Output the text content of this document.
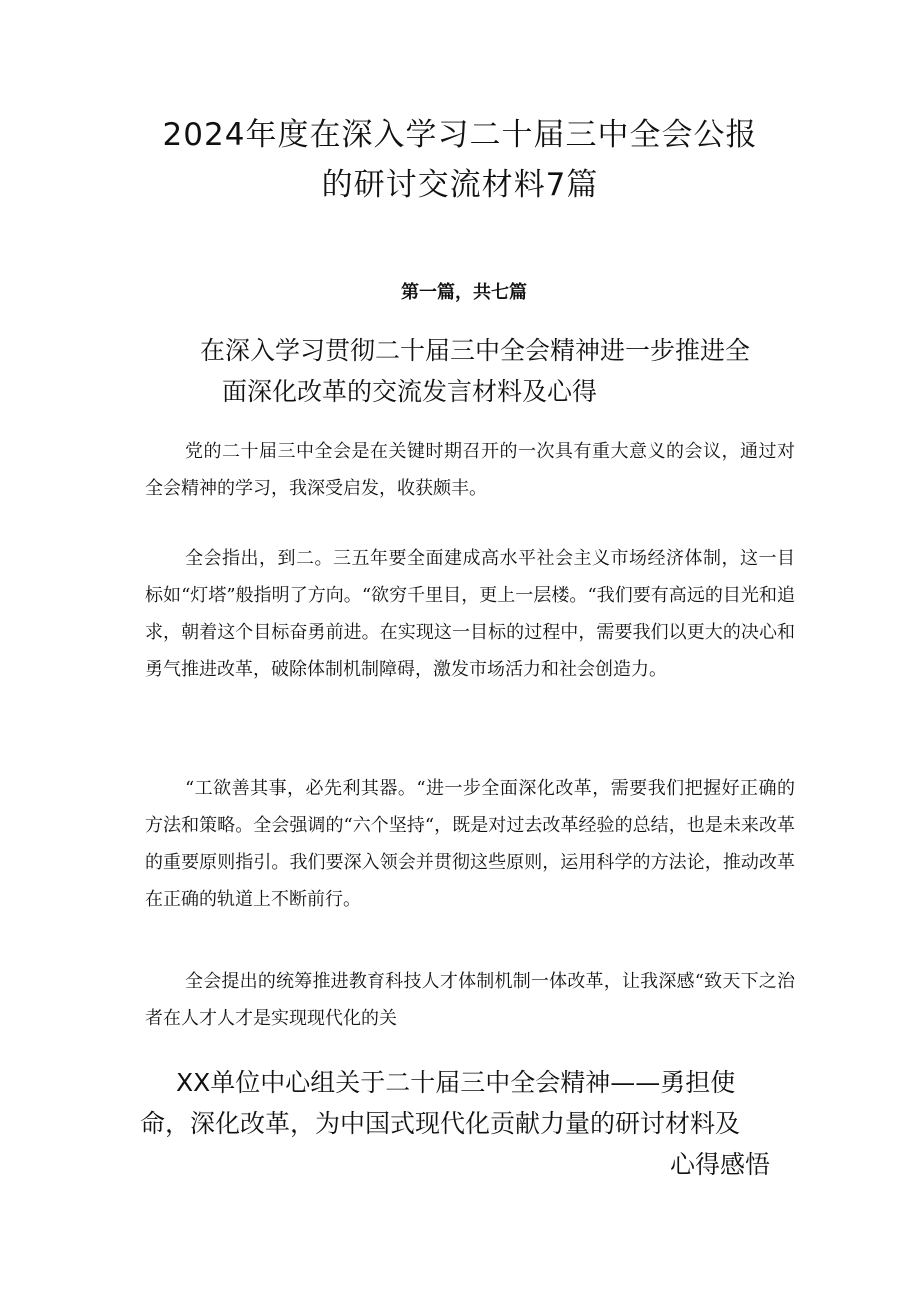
2024年度在深入学习二十届三中全会公报
的研讨交流材料7篇

第一篇，共七篇

在深入学习贯彻二十届三中全会精神进一步推进全
面深化改革的交流发言材料及心得

党的二十届三中全会是在关键时期召开的一次具有重大意义的会议，通过对全会精神的学习，我深受启发，收获颇丰。

全会指出，到二。三五年要全面建成高水平社会主义市场经济体制，这一目标如“灯塔”般指明了方向。“欲穷千里目，更上一层楼。“我们要有高远的目光和追求，朝着这个目标奋勇前进。在实现这一目标的过程中，需要我们以更大的决心和勇气推进改革，破除体制机制障碍，激发市场活力和社会创造力。

“工欲善其事，必先利其器。“进一步全面深化改革，需要我们把握好正确的方法和策略。全会强调的“六个坚持“，既是对过去改革经验的总结，也是未来改革的重要原则指引。我们要深入领会并贯彻这些原则，运用科学的方法论，推动改革在正确的轨道上不断前行。

全会提出的统筹推进教育科技人才体制机制一体改革，让我深感“致天下之治者在人才人才是实现现代化的关

XX单位中心组关于二十届三中全会精神——勇担使
命，深化改革，为中国式现代化贡献力量的研讨材料及
心得感悟
